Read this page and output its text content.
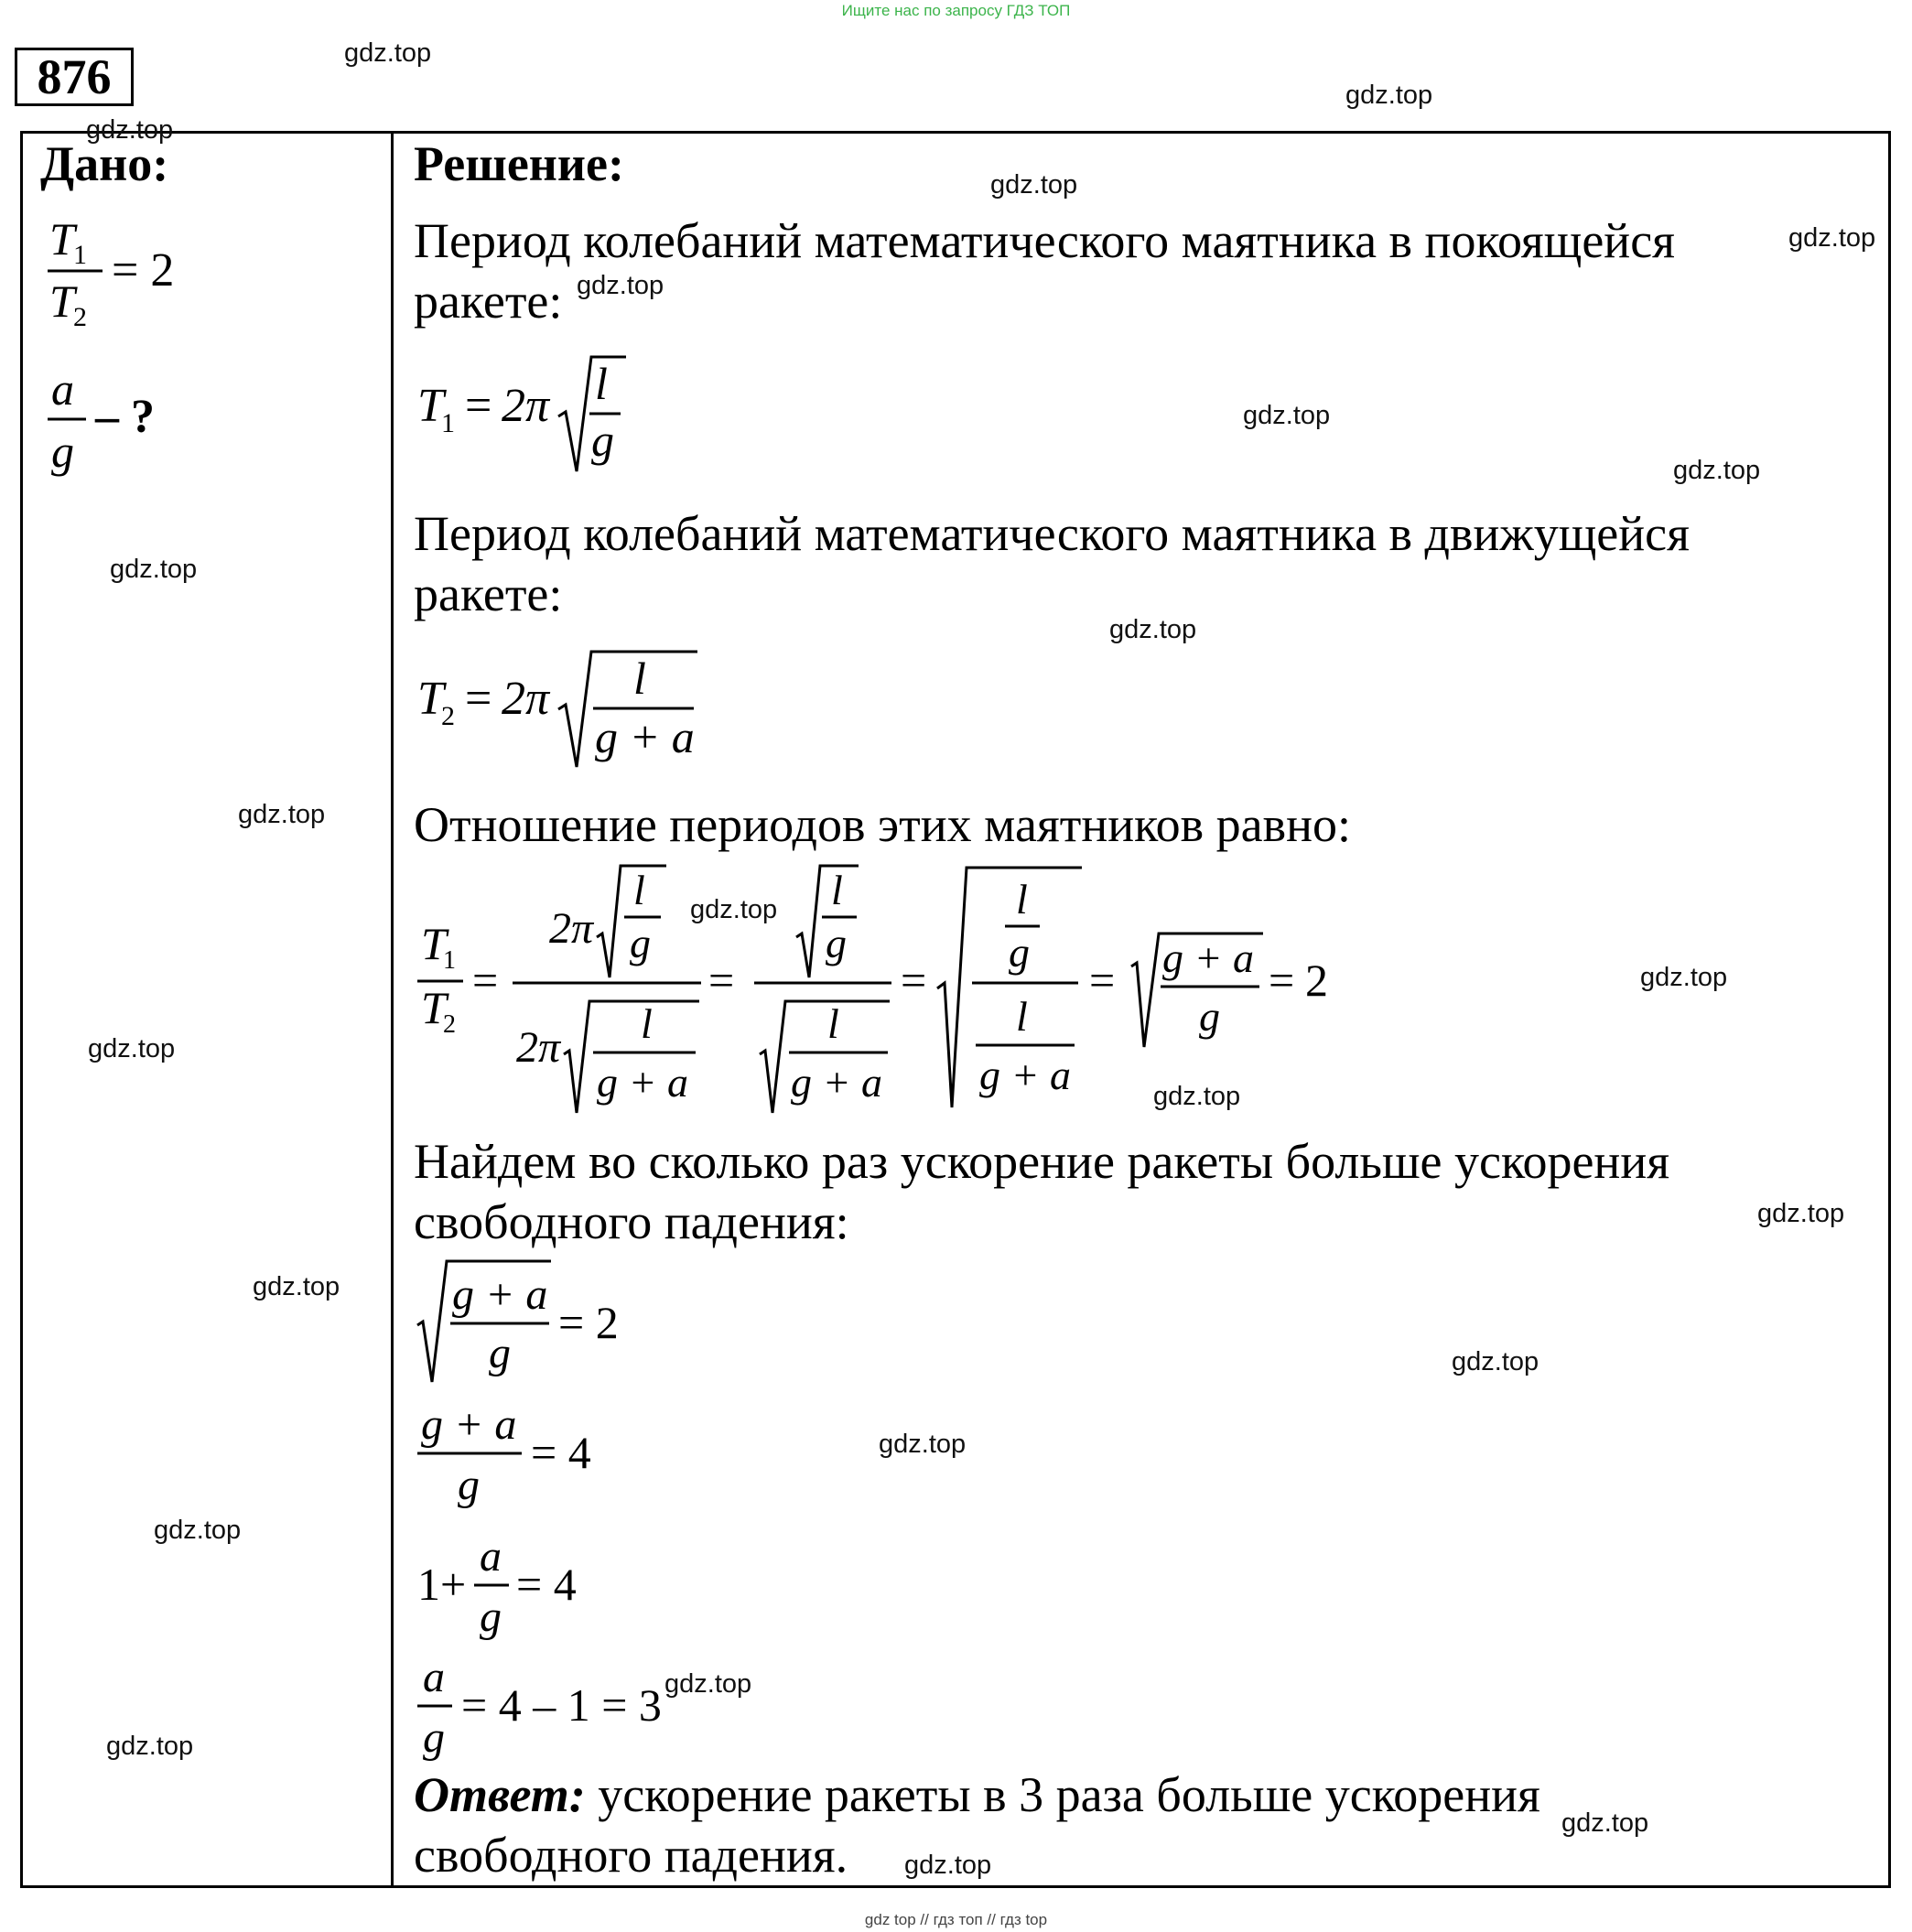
Ищите нас по запросу ГДЗ ТОП
876
Дано:
T
1
T
2
= 2
a
g
– ?
Решение:
Период колебаний математического маятника в покоящейся
ракете:
T
1 = 2π l
g
Период колебаний математического маятника в движущейся
ракете:
T
2 = 2π l
g + a
Отношение периодов этих маятников равно:
T
1
T
2
=
2π
l
g
2π l
g + a
=
l
g
l
g + a
=
l
g
l
g + a
= g + a
g
= 2
Найдем во сколько раз ускорение ракеты больше ускорения
свободного падения:
g + a
g
= 2
g + a
g
= 4
1+
a
g
= 4
a
g
= 4 – 1 = 3
Ответ: ускорение ракеты в 3 раза больше ускорения
свободного падения.
gdz.top
gdz.top
gdz.top
gdz.top
gdz.top
gdz.top
gdz.top
gdz.top
gdz.top
gdz.top
gdz.top
gdz.top
gdz.top
gdz.top
gdz.top
gdz.top
gdz.top
gdz.top
gdz.top
gdz.top
gdz.top
gdz.top
gdz.top
gdz.top
gdz top // гдз топ // гдз top
